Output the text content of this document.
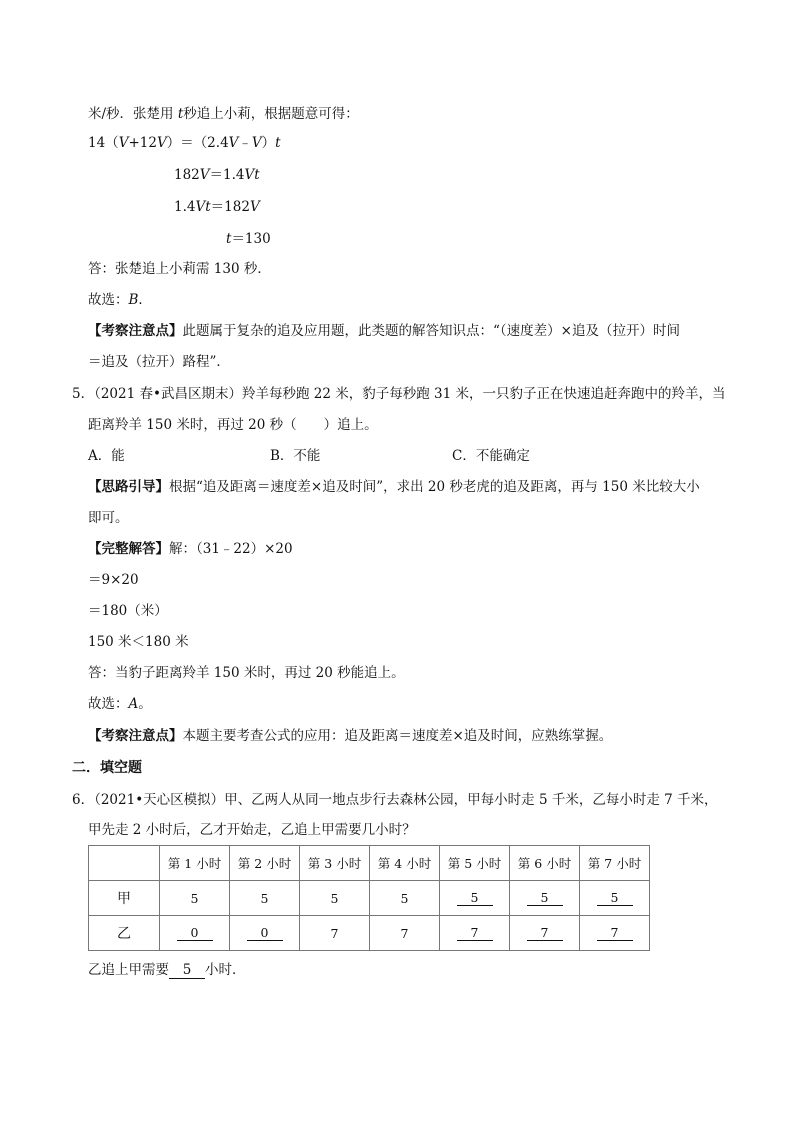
米/秒．张楚用 t秒追上小莉，根据题意可得：
14（V+12V）＝（2.4V﹣V）t
182V＝1.4Vt
1.4Vt＝182V
t＝130
答：张楚追上小莉需 130 秒．
故选：B．
【考察注意点】此题属于复杂的追及应用题，此类题的解答知识点：“（速度差）×追及（拉开）时间
＝追及（拉开）路程”．
5．（2021 春•武昌区期末）羚羊每秒跑 22 米，豹子每秒跑 31 米，一只豹子正在快速追赶奔跑中的羚羊，当
距离羚羊 150 米时，再过 20 秒（　　）追上。
A．能	B．不能	C．不能确定
【思路引导】根据“追及距离＝速度差×追及时间”，求出 20 秒老虎的追及距离，再与 150 米比较大小
即可。
【完整解答】解：（31﹣22）×20
＝9×20
＝180（米）
150 米＜180 米
答：当豹子距离羚羊 150 米时，再过 20 秒能追上。
故选：A。
【考察注意点】本题主要考查公式的应用：追及距离＝速度差×追及时间，应熟练掌握。
二．填空题
6．（2021•天心区模拟）甲、乙两人从同一地点步行去森林公园，甲每小时走 5 千米，乙每小时走 7 千米，
甲先走 2 小时后，乙才开始走，乙追上甲需要几小时？
	第 1 小时	第 2 小时	第 3 小时	第 4 小时	第 5 小时	第 6 小时	第 7 小时
甲	5	5	5	5	5	5	5
乙	0	0	7	7	7	7	7
乙追上甲需要 5 小时．
